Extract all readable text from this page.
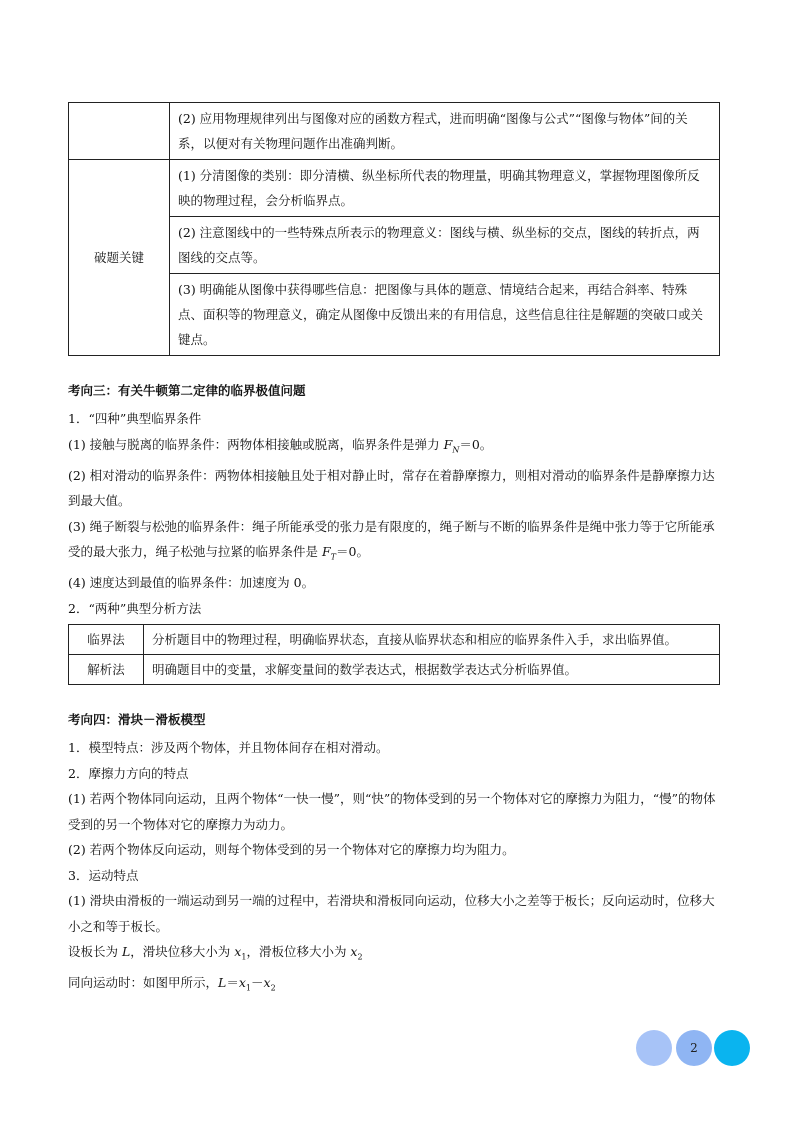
	(2) 应用物理规律列出与图像对应的函数方程式，进而明确“图像与公式”“图像与物体”间的关系，以便对有关物理问题作出准确判断。
破题关键	(1) 分清图像的类别：即分清横、纵坐标所代表的物理量，明确其物理意义，掌握物理图像所反映的物理过程，会分析临界点。
	(2) 注意图线中的一些特殊点所表示的物理意义：图线与横、纵坐标的交点，图线的转折点，两图线的交点等。
	(3) 明确能从图像中获得哪些信息：把图像与具体的题意、情境结合起来，再结合斜率、特殊点、面积等的物理意义，确定从图像中反馈出来的有用信息，这些信息往往是解题的突破口或关键点。
考向三：有关牛顿第二定律的临界极值问题

1．“四种”典型临界条件

(1) 接触与脱离的临界条件：两物体相接触或脱离，临界条件是弹力 $F_N=0$。

(2) 相对滑动的临界条件：两物体相接触且处于相对静止时，常存在着静摩擦力，则相对滑动的临界条件是静摩擦力达到最大值。

(3) 绳子断裂与松弛的临界条件：绳子所能承受的张力是有限度的，绳子断与不断的临界条件是绳中张力等于它所能承受的最大张力，绳子松弛与拉紧的临界条件是 $F_T=0$。

(4) 速度达到最值的临界条件：加速度为 0。

2．“两种”典型分析方法

临界法	分析题目中的物理过程，明确临界状态，直接从临界状态和相应的临界条件入手，求出临界值。
解析法	明确题目中的变量，求解变量间的数学表达式，根据数学表达式分析临界值。
考向四：滑块－滑板模型

1．模型特点：涉及两个物体，并且物体间存在相对滑动。

2．摩擦力方向的特点

(1) 若两个物体同向运动，且两个物体“一快一慢”，则“快”的物体受到的另一个物体对它的摩擦力为阻力，“慢”的物体受到的另一个物体对它的摩擦力为动力。

(2) 若两个物体反向运动，则每个物体受到的另一个物体对它的摩擦力均为阻力。

3．运动特点

(1) 滑块由滑板的一端运动到另一端的过程中，若滑块和滑板同向运动，位移大小之差等于板长；反向运动时，位移大小之和等于板长。

设板长为 L，滑块位移大小为 $x_1$，滑板位移大小为 $x_2$

同向运动时：如图甲所示，$L=x_1-x_2$

2
